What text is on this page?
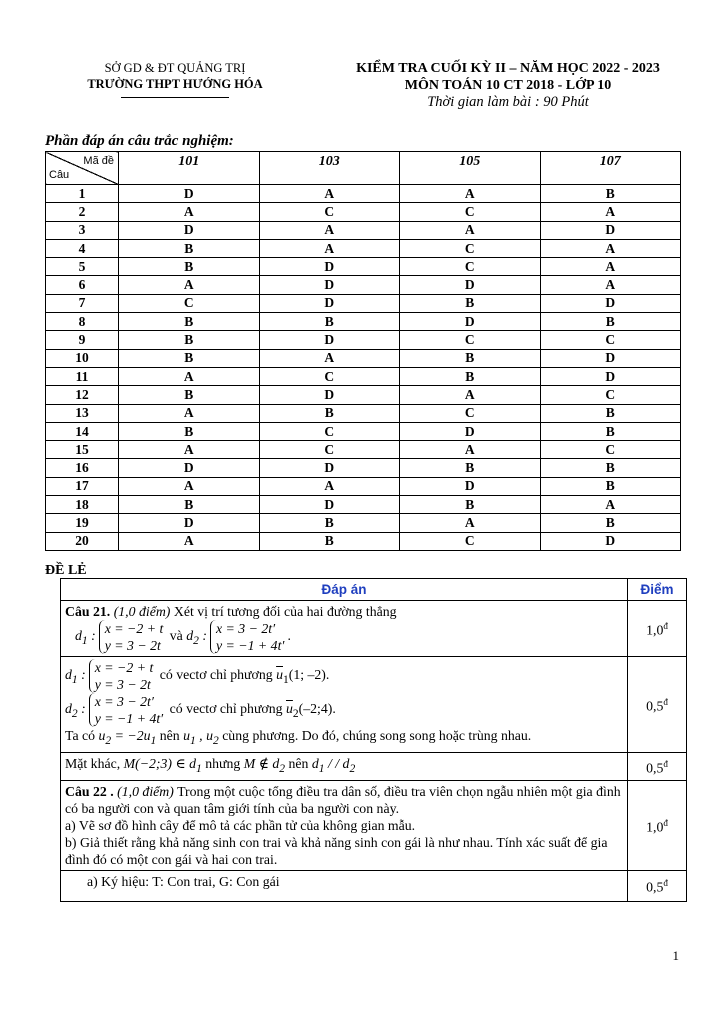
SỞ GD & ĐT QUẢNG TRỊ
TRƯỜNG THPT HƯỚNG HÓA
KIỂM TRA CUỐI KỲ II – NĂM HỌC 2022 - 2023
MÔN TOÁN 10 CT 2018 - LỚP 10
Thời gian làm bài : 90 Phút
Phần đáp án câu trắc nghiệm:
Mã đề
Câu	101	103	105	107
1	D	A	A	B
2	A	C	C	A
3	D	A	A	D
4	B	A	C	A
5	B	D	C	A
6	A	D	D	A
7	C	D	B	D
8	B	B	D	B
9	B	D	C	C
10	B	A	B	D
11	A	C	B	D
12	B	D	A	C
13	A	B	C	B
14	B	C	D	B
15	A	C	A	C
16	D	D	B	B
17	A	A	D	B
18	B	D	B	A
19	D	B	A	B
20	A	B	C	D
ĐỀ LẺ
Đáp án	Điểm
Câu 21. (1,0 điểm) Xét vị trí tương đối của hai đường thẳng
$d_1$ : x = −2 + t
y = 3 − 2t và $d_2$ : x = 3 − 2t′
y = −1 + 4t′.	$1,0^đ$
$d_1$ : x = −2 + t
y = 3 − 2t có vectơ chỉ phương $\overline{u}_1(1$; –2).
$d_2$ : x = 3 − 2t′
y = −1 + 4t′ có vectơ chỉ phương $\overline{u}_2(-2;4)$.
Ta có $u_2 = -2u_1$ nên $u_1$ , $u_2$ cùng phương. Do đó, chúng song song hoặc trùng nhau.	$0,5^đ$
Mặt khác, M(−2;3) ∈ $d_1$ nhưng M ∉ $d_2$ nên $d_1$ / / $d_2$	$0,5^đ$
Câu 22 . (1,0 điểm) Trong một cuộc tổng điều tra dân số, điều tra viên chọn ngẫu nhiên một gia đình có ba người con và quan tâm giới tính của ba người con này.
a) Vẽ sơ đồ hình cây để mô tả các phần tử của không gian mẫu.
b) Giả thiết rằng khả năng sinh con trai và khả năng sinh con gái là như nhau. Tính xác suất để gia đình đó có một con gái và hai con trai.	$1,0^đ$
a) Ký hiệu: T: Con trai, G: Con gái	$0,5^đ$
1
